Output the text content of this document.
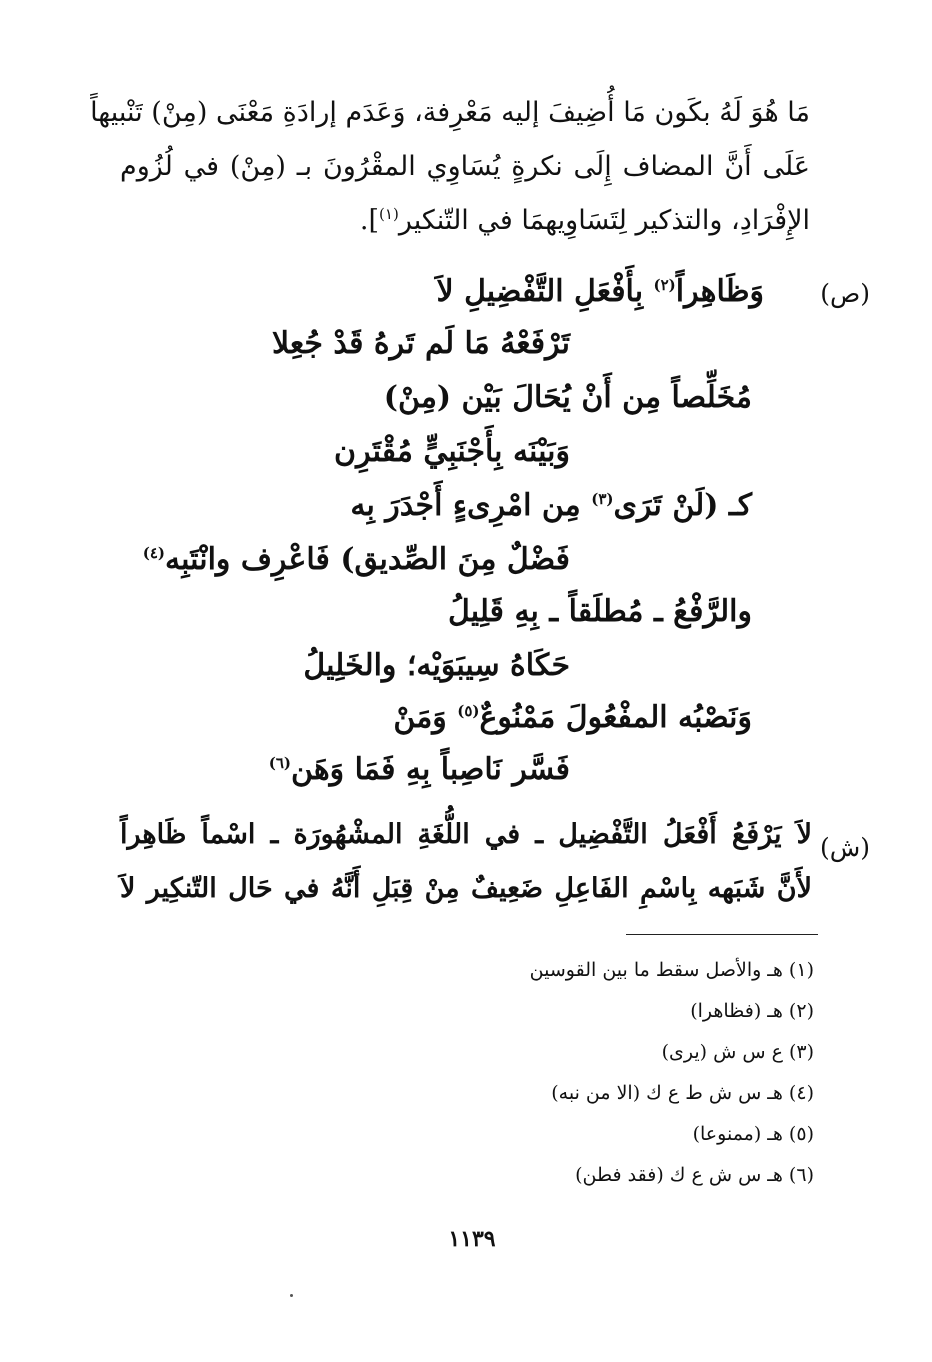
مَا هُوَ لَهُ بكَون مَا أُضِيفَ إليه مَعْرِفة، وَعَدَم إرادَةِ مَعْنَى (مِنْ) تَنْبيهاً
عَلَى أَنَّ المضاف إِلَى نكرةٍ يُسَاوِي المقْرُونَ بـ (مِنْ) في لُزُوم
الإِفْرَادِ، والتذكير لِتَسَاوِيهمَا في التّنكير$^{(١)}$].
(ص)
وَظَاهِراً$^{(٢)}$ بِأَفْعَلِ التَّفْضِيلِ لاَ
تَرْفَعْهُ مَا لَم تَرهُ قَدْ جُعِلا
مُخَلِّصاً مِن أَنْ يُحَالَ بَيْن (مِنْ)
وَبَيْنَه بِأَجْنَبِيٍّ مُقْتَرِن
كـ (لَنْ تَرَى$^{(٣)}$ مِن امْرِىءٍ أَجْدَرَ بِه
فَضْلٌ مِنَ الصِّديق) فَاعْرِف وانْتَبِه$^{(٤)}$
والرَّفْعُ ـ مُطلَقاً ـ بِهِ قَلِيلُ
حَكَاهُ سِيبَوَيْه؛ والخَلِيلُ
وَنَصْبُه المفْعُولَ مَمْنُوعٌ$^{(٥)}$ وَمَنْ
فَسَّر نَاصِباً بِهِ فَمَا وَهَن$^{(٦)}$
(ش)
لاَ يَرْفَعُ أَفْعَلُ التَّفْضِيل ـ في اللُّغَةِ المشْهُورَة ـ اسْماً ظَاهِراً
لأَنَّ شَبَهه بِاسْمِ الفَاعِلِ ضَعِيفٌ مِنْ قِبَلِ أَنَّهُ في حَال التّنكِير لاَ
(١) هـ والأصل سقط ما بين القوسين
(٢) هـ (فظاهرا)
(٣) ع س ش (يرى)
(٤) هـ س ش ط ع ك (الا من نبه)
(٥) هـ (ممنوعا)
(٦) هـ س ش ع ك (فقد فطن)
١١٣٩
